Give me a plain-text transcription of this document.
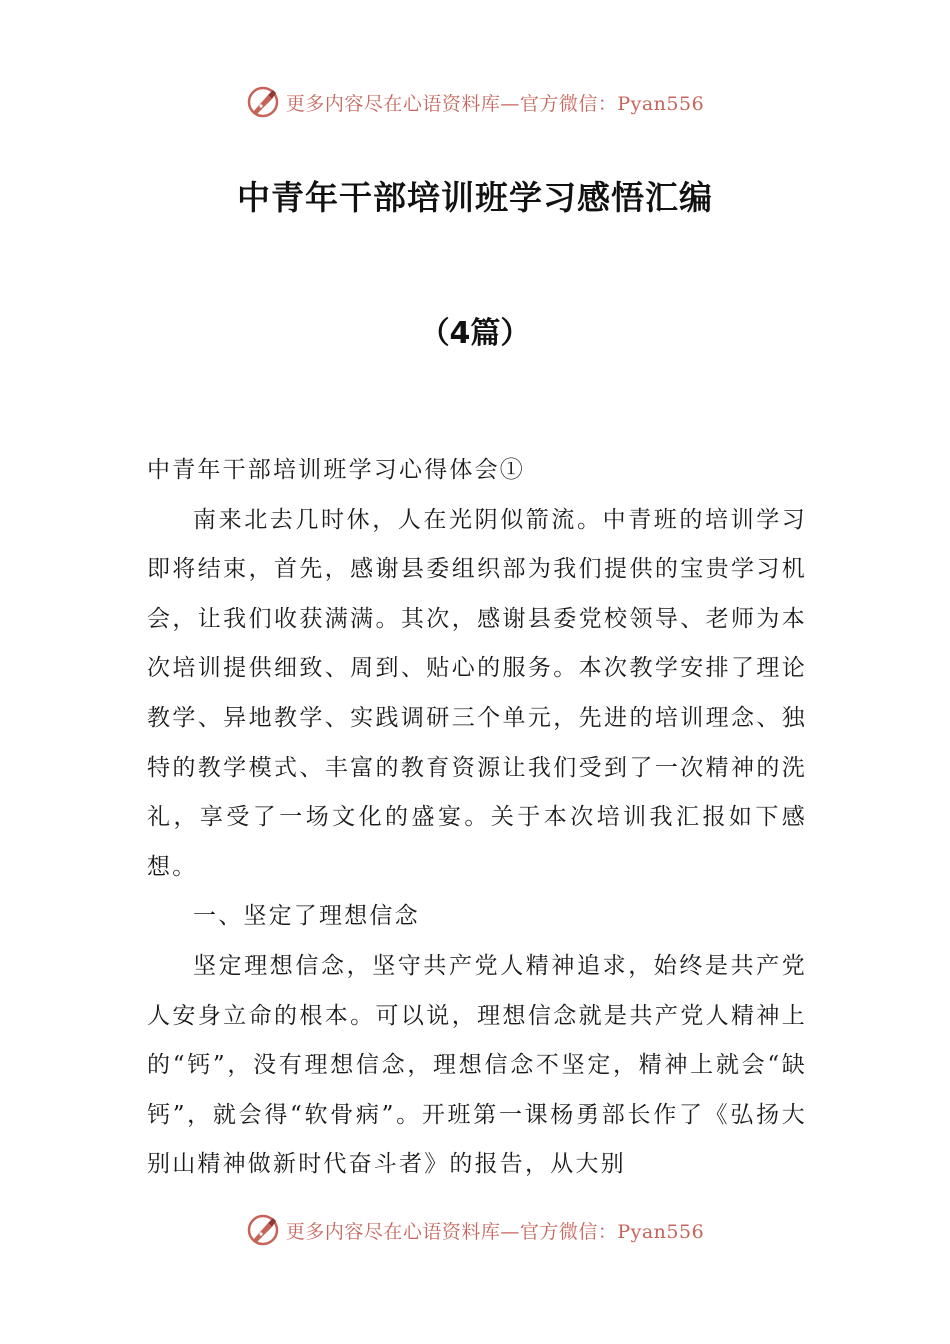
更多内容尽在心语资料库—官方微信：Pyan556
中青年干部培训班学习感悟汇编
（4篇）

中青年干部培训班学习心得体会①

南来北去几时休，人在光阴似箭流。中青班的培训学习即将结束，首先，感谢县委组织部为我们提供的宝贵学习机会，让我们收获满满。其次，感谢县委党校领导、老师为本次培训提供细致、周到、贴心的服务。本次教学安排了理论教学、异地教学、实践调研三个单元，先进的培训理念、独特的教学模式、丰富的教育资源让我们受到了一次精神的洗礼，享受了一场文化的盛宴。关于本次培训我汇报如下感想。

一、坚定了理想信念

坚定理想信念，坚守共产党人精神追求，始终是共产党人安身立命的根本。可以说，理想信念就是共产党人精神上的“钙”，没有理想信念，理想信念不坚定，精神上就会“缺钙”，就会得“软骨病”。开班第一课杨勇部长作了《弘扬大别山精神做新时代奋斗者》的报告，从大别

更多内容尽在心语资料库—官方微信：Pyan556
